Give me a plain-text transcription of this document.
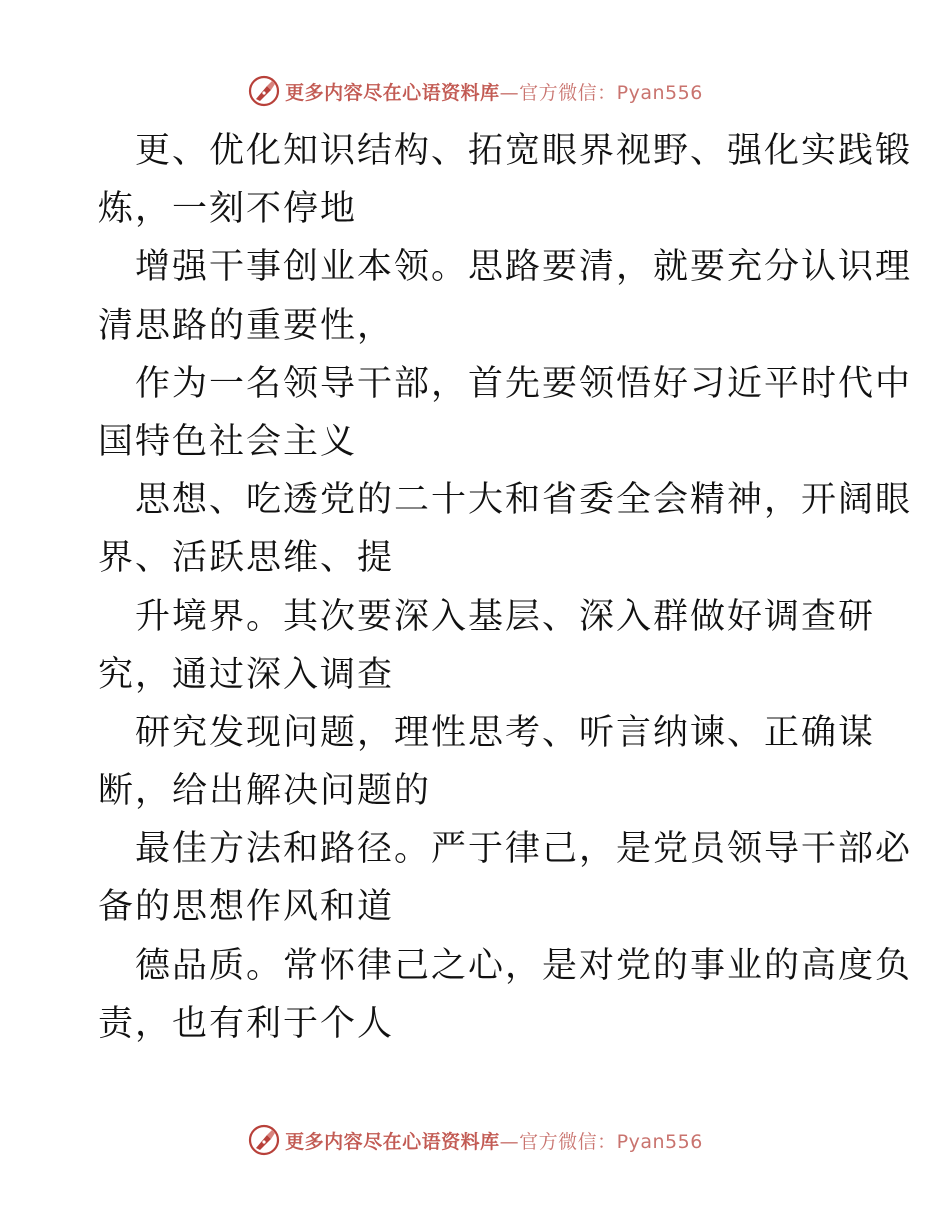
更多内容尽在心语资料库—官方微信：Pyan556
更、优化知识结构、拓宽眼界视野、强化实践锻
炼，一刻不停地
增强干事创业本领。思路要清，就要充分认识理
清思路的重要性，
作为一名领导干部，首先要领悟好习近平时代中
国特色社会主义
思想、吃透党的二十大和省委全会精神，开阔眼
界、活跃思维、提
升境界。其次要深入基层、深入群做好调查研
究，通过深入调查
研究发现问题，理性思考、听言纳谏、正确谋
断，给出解决问题的
最佳方法和路径。严于律己，是党员领导干部必
备的思想作风和道
德品质。常怀律己之心，是对党的事业的高度负
责，也有利于个人
更多内容尽在心语资料库—官方微信：Pyan556
